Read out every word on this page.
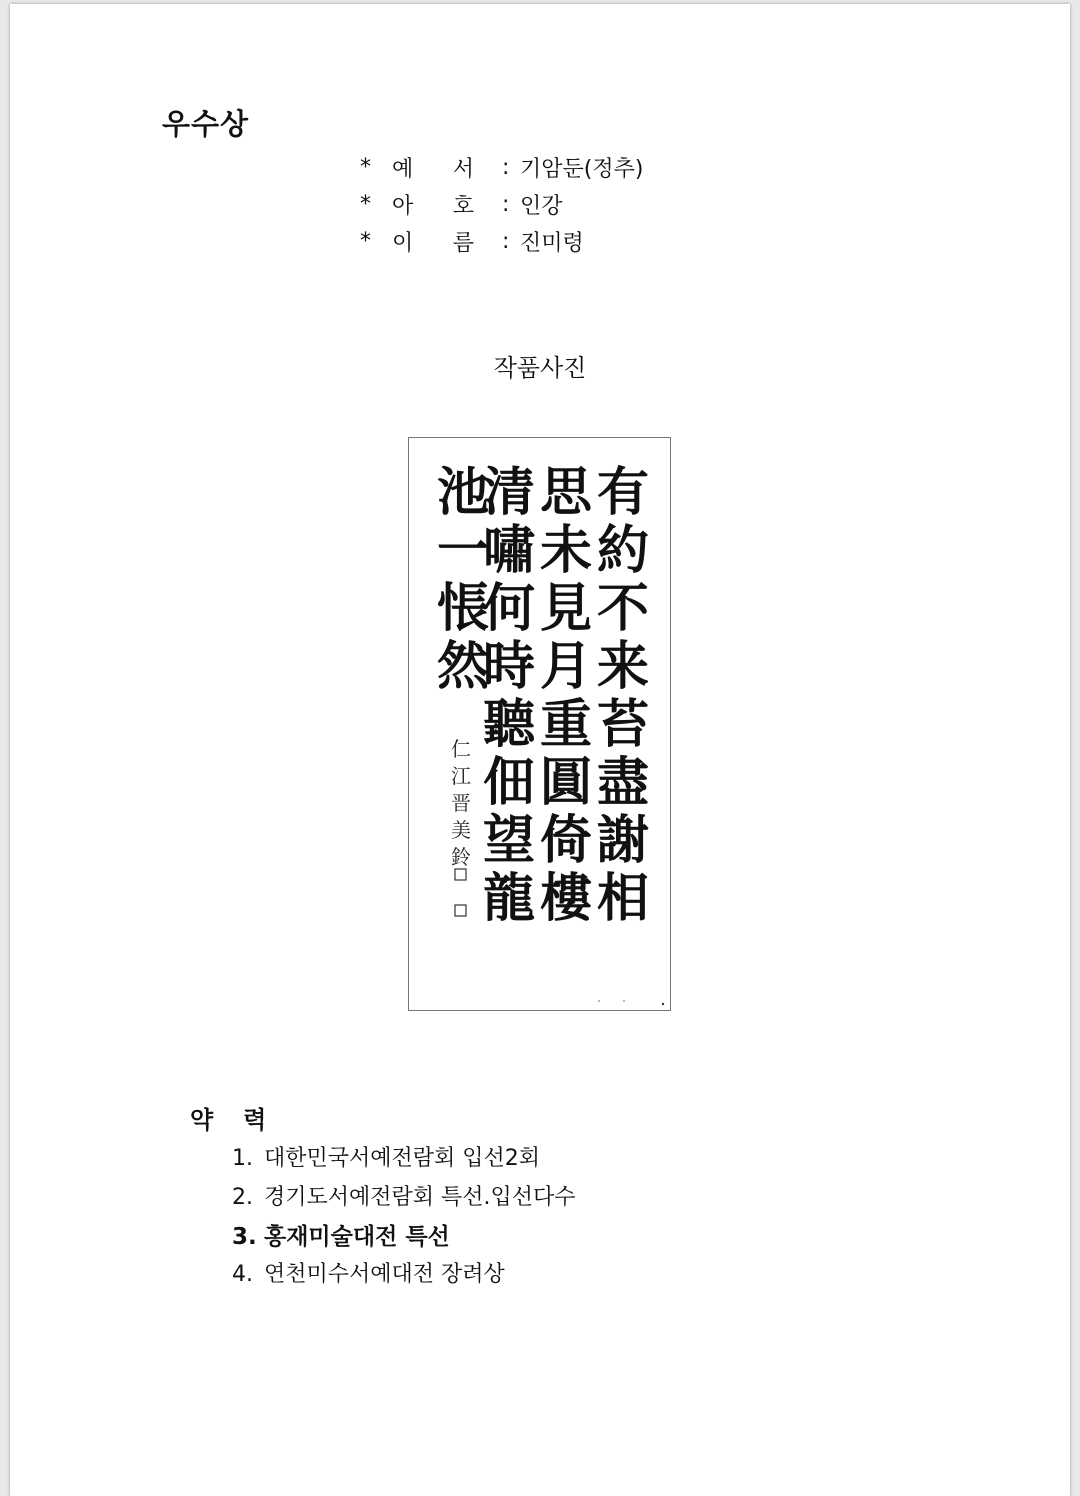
우수상
* 예 서 : 기암둔(정추)
* 아 호 : 인강
* 이 름 : 진미령
작품사진
有
約
不
来
苔
盡
謝
相
思
未
見
月
重
圓
倚
樓
清
嘯
何
時
聽
佃
望
龍
池
一
悵
然
仁
江
晋
美
鈴
약력
1. 대한민국서예전람회 입선2회
2. 경기도서예전람회 특선.입선다수
3. 홍재미술대전 특선
4. 연천미수서예대전 장려상
